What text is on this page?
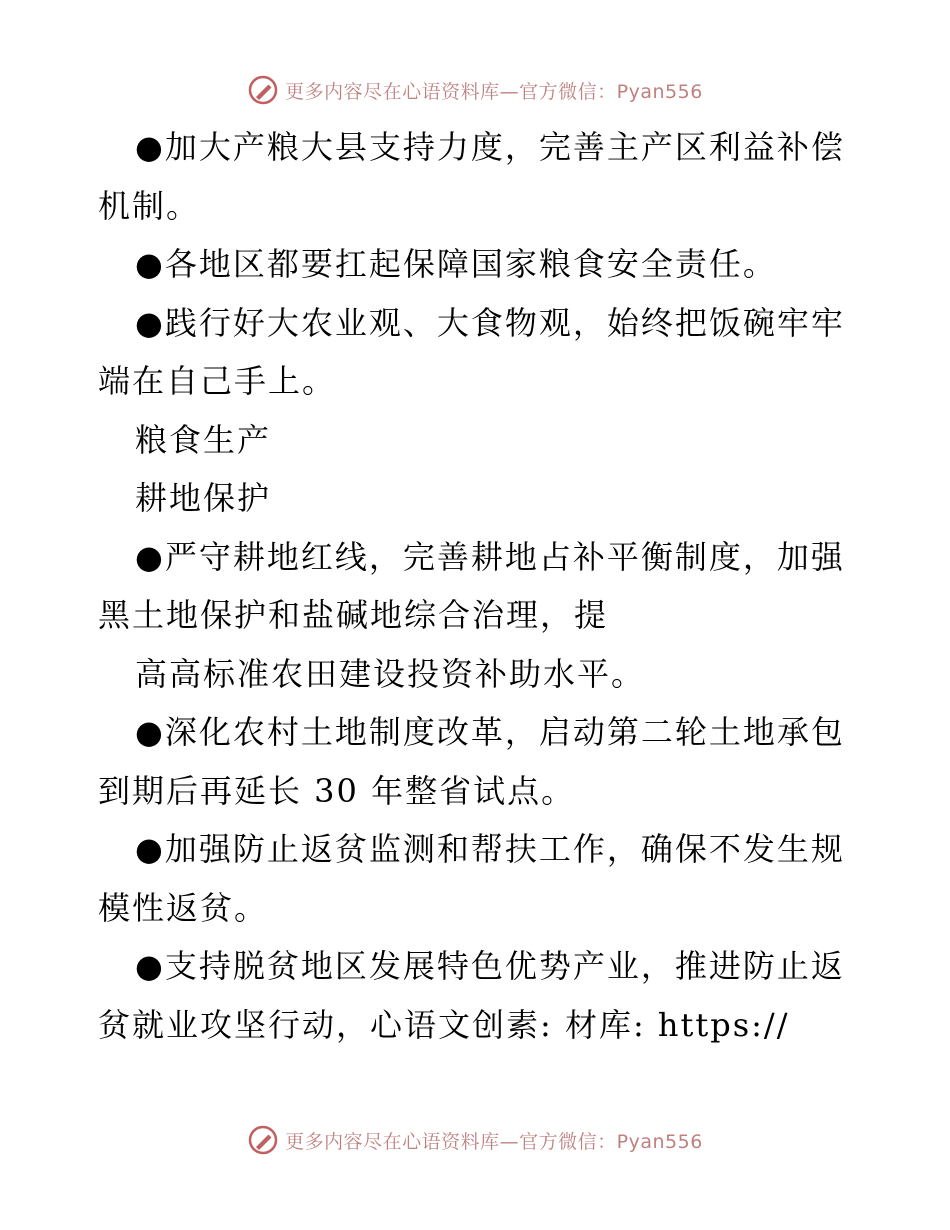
更多内容尽在心语资料库—官方微信：Pyan556
●加大产粮大县支持力度，完善主产区利益补偿
机制。
●各地区都要扛起保障国家粮食安全责任。
●践行好大农业观、大食物观，始终把饭碗牢牢
端在自己手上。
粮食生产
耕地保护
●严守耕地红线，完善耕地占补平衡制度，加强
黑土地保护和盐碱地综合治理，提
高高标准农田建设投资补助水平。
●深化农村土地制度改革，启动第二轮土地承包
到期后再延长 30 年整省试点。
●加强防止返贫监测和帮扶工作，确保不发生规
模性返贫。
●支持脱贫地区发展特色优势产业，推进防止返
贫就业攻坚行动，心语文创素: 材库: https://
更多内容尽在心语资料库—官方微信：Pyan556
